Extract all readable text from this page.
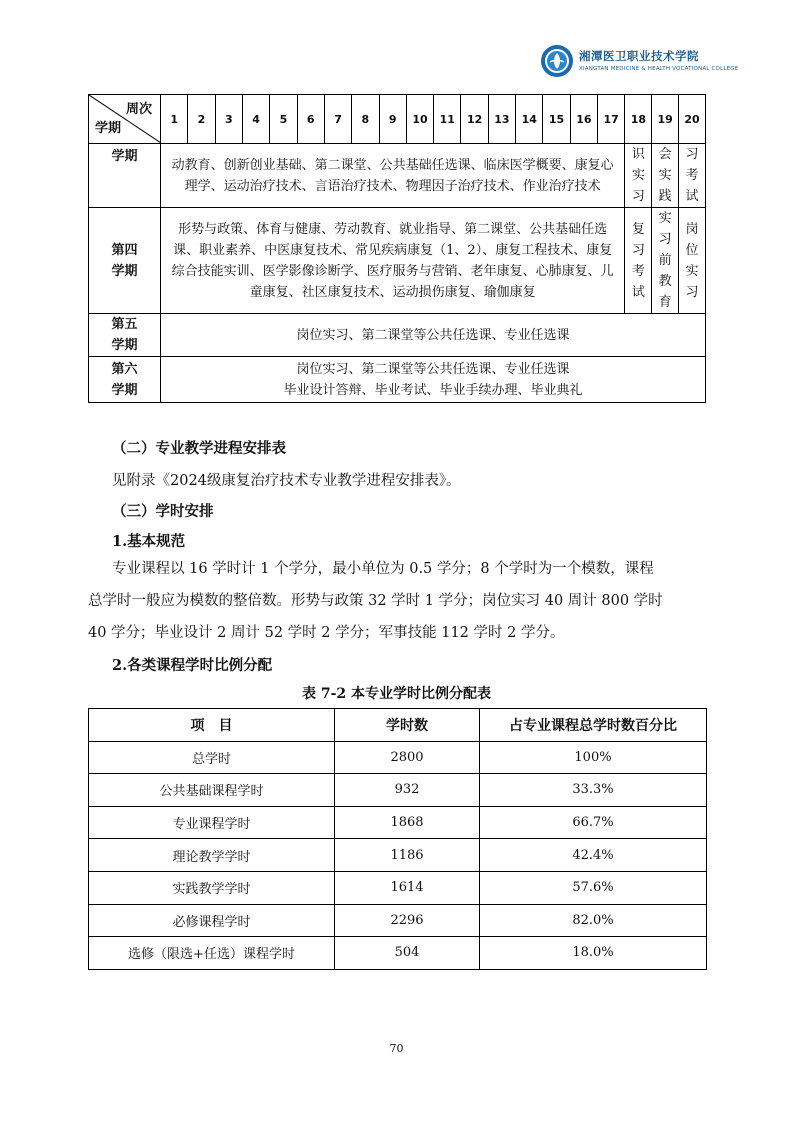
湘潭医卫职业技术学院
XIANGTAN MEDICINE & HEALTH VOCATIONAL COLLEGE
周次
学期	1	2	3	4	5	6	7	8	9	10	11	12	13	14	15	16	17	18	19	20
学期	动教育、创新创业基础、第二课堂、公共基础任选课、临床医学概要、康复心理学、运动治疗技术、言语治疗技术、物理因子治疗技术、作业治疗技术																	识实习	会实践	习考试
第四学期	形势与政策、体育与健康、劳动教育、就业指导、第二课堂、公共基础任选课、职业素养、中医康复技术、常见疾病康复（1、2）、康复工程技术、康复综合技能实训、医学影像诊断学、医疗服务与营销、老年康复、心肺康复、儿童康复、社区康复技术、运动损伤康复、瑜伽康复																	复习考试	实习前教育	岗位实习
第五学期	岗位实习、第二课堂等公共任选课、专业任选课																			
第六学期	岗位实习、第二课堂等公共任选课、专业任选课
毕业设计答辩、毕业考试、毕业手续办理、毕业典礼																			
（二）专业教学进程安排表
见附录《2024级康复治疗技术专业教学进程安排表》。
（三）学时安排
1.基本规范
专业课程以 16 学时计 1 个学分，最小单位为 0.5 学分；8 个学时为一个模数，课程
总学时一般应为模数的整倍数。形势与政策 32 学时 1 学分；岗位实习 40 周计 800 学时
40 学分；毕业设计 2 周计 52 学时 2 学分；军事技能 112 学时 2 学分。
2.各类课程学时比例分配
表 7-2 本专业学时比例分配表
项　目	学时数	占专业课程总学时数百分比
总学时	2800	100%
公共基础课程学时	932	33.3%
专业课程学时	1868	66.7%
理论教学学时	1186	42.4%
实践教学学时	1614	57.6%
必修课程学时	2296	82.0%
选修（限选+任选）课程学时	504	18.0%
70
